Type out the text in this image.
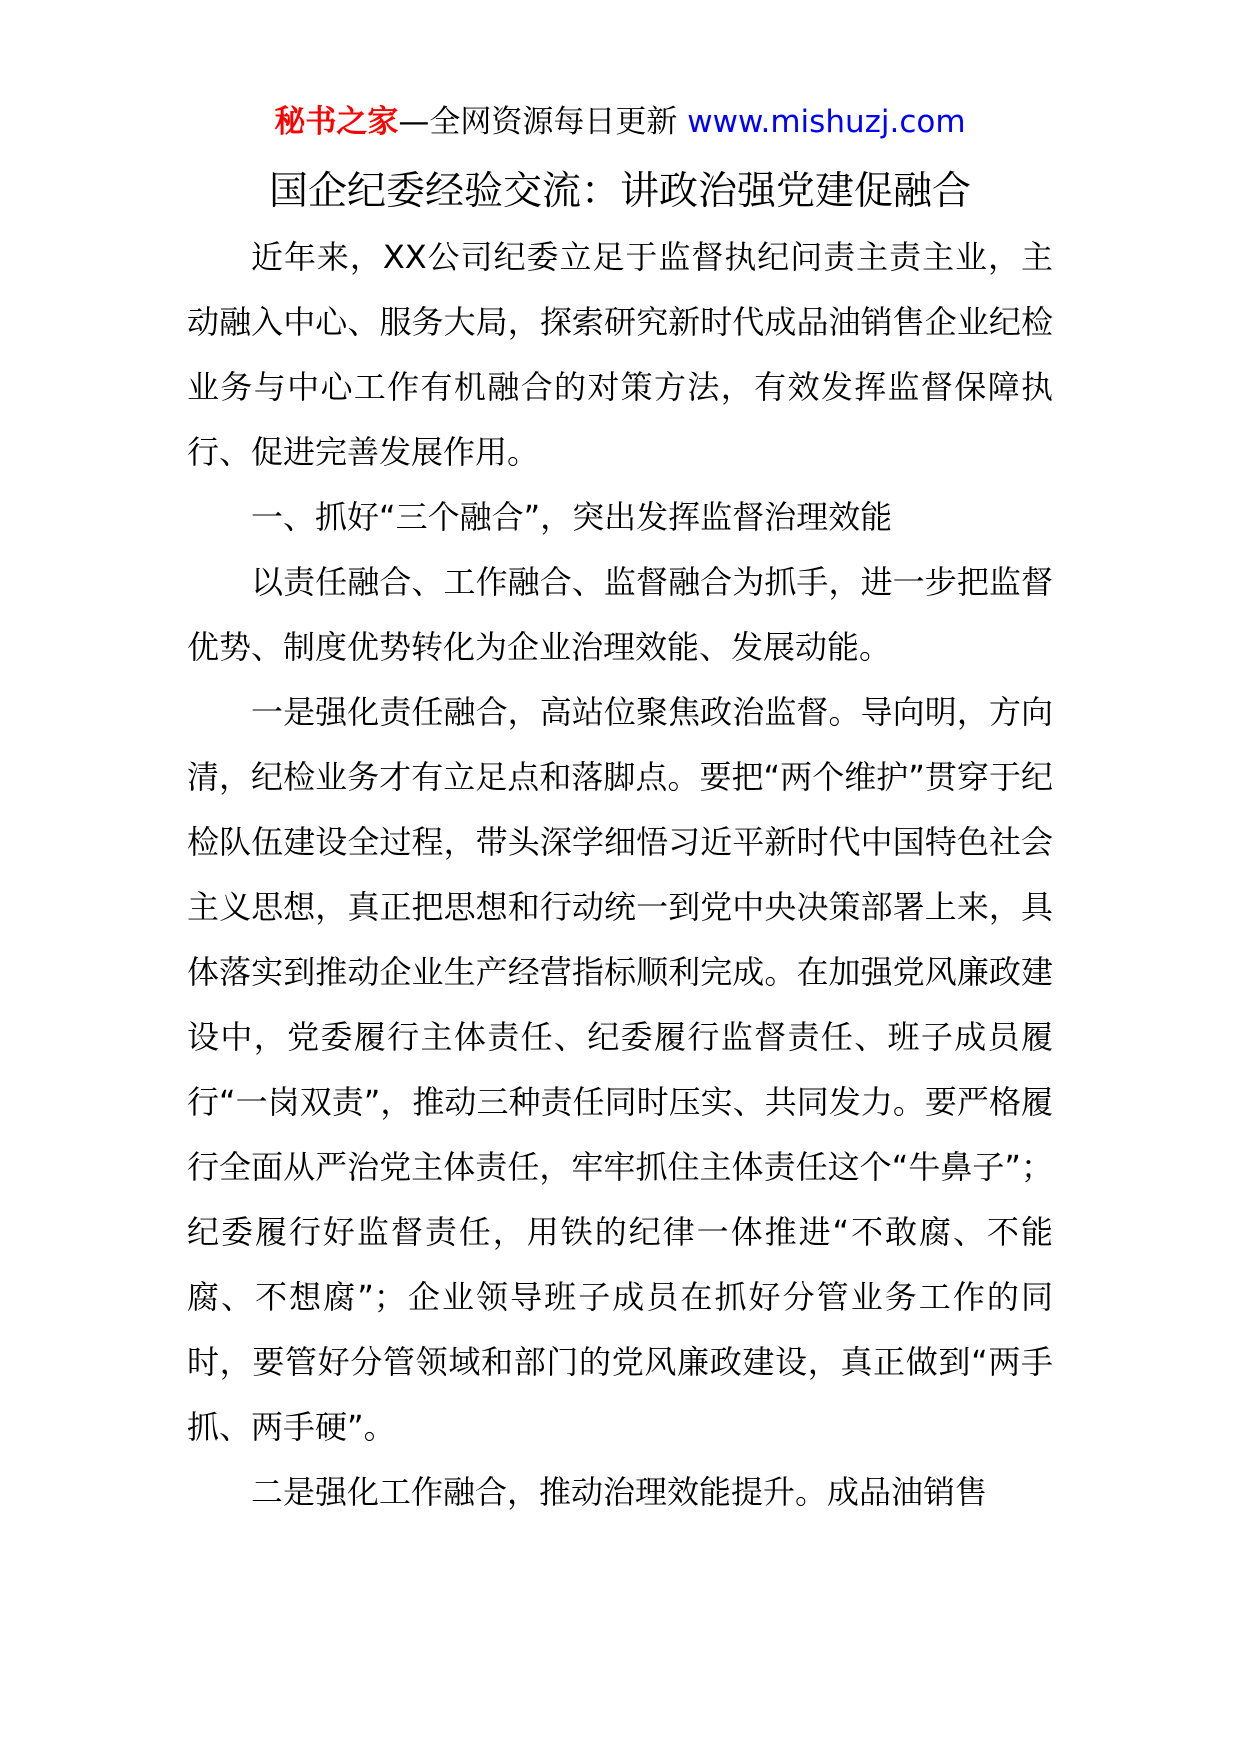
秘书之家—全网资源每日更新 www.mishuzj.com
国企纪委经验交流：讲政治强党建促融合

近年来，XX公司纪委立足于监督执纪问责主责主业，主动融入中心、服务大局，探索研究新时代成品油销售企业纪检业务与中心工作有机融合的对策方法，有效发挥监督保障执行、促进完善发展作用。

一、抓好“三个融合”，突出发挥监督治理效能

以责任融合、工作融合、监督融合为抓手，进一步把监督优势、制度优势转化为企业治理效能、发展动能。

一是强化责任融合，高站位聚焦政治监督。导向明，方向清，纪检业务才有立足点和落脚点。要把“两个维护”贯穿于纪检队伍建设全过程，带头深学细悟习近平新时代中国特色社会主义思想，真正把思想和行动统一到党中央决策部署上来，具体落实到推动企业生产经营指标顺利完成。在加强党风廉政建设中，党委履行主体责任、纪委履行监督责任、班子成员履行“一岗双责”，推动三种责任同时压实、共同发力。要严格履行全面从严治党主体责任，牢牢抓住主体责任这个“牛鼻子”；纪委履行好监督责任，用铁的纪律一体推进“不敢腐、不能腐、不想腐”；企业领导班子成员在抓好分管业务工作的同时，要管好分管领域和部门的党风廉政建设，真正做到“两手抓、两手硬”。

二是强化工作融合，推动治理效能提升。成品油销售
